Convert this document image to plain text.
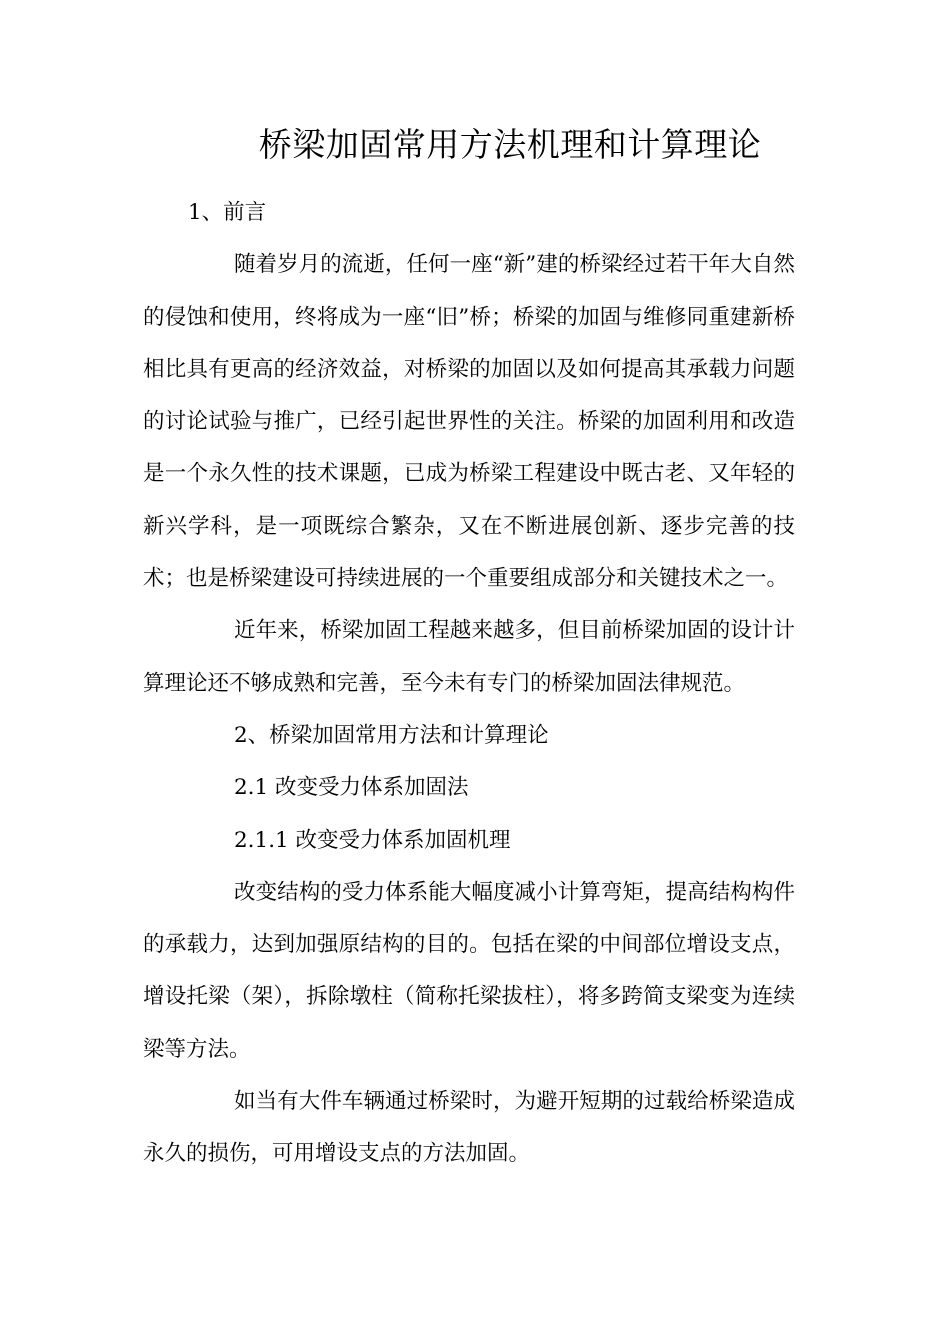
桥梁加固常用方法机理和计算理论

1、前言

随着岁月的流逝，任何一座“新”建的桥梁经过若干年大自然的侵蚀和使用，终将成为一座“旧”桥；桥梁的加固与维修同重建新桥相比具有更高的经济效益，对桥梁的加固以及如何提高其承载力问题的讨论试验与推广，已经引起世界性的关注。桥梁的加固利用和改造是一个永久性的技术课题，已成为桥梁工程建设中既古老、又年轻的新兴学科，是一项既综合繁杂，又在不断进展创新、逐步完善的技术；也是桥梁建设可持续进展的一个重要组成部分和关键技术之一。

近年来，桥梁加固工程越来越多，但目前桥梁加固的设计计算理论还不够成熟和完善，至今未有专门的桥梁加固法律规范。

2、桥梁加固常用方法和计算理论

2.1 改变受力体系加固法

2.1.1 改变受力体系加固机理

改变结构的受力体系能大幅度减小计算弯矩，提高结构构件的承载力，达到加强原结构的目的。包括在梁的中间部位增设支点，增设托梁（架），拆除墩柱（简称托梁拔柱），将多跨简支梁变为连续梁等方法。

如当有大件车辆通过桥梁时，为避开短期的过载给桥梁造成永久的损伤，可用增设支点的方法加固。
